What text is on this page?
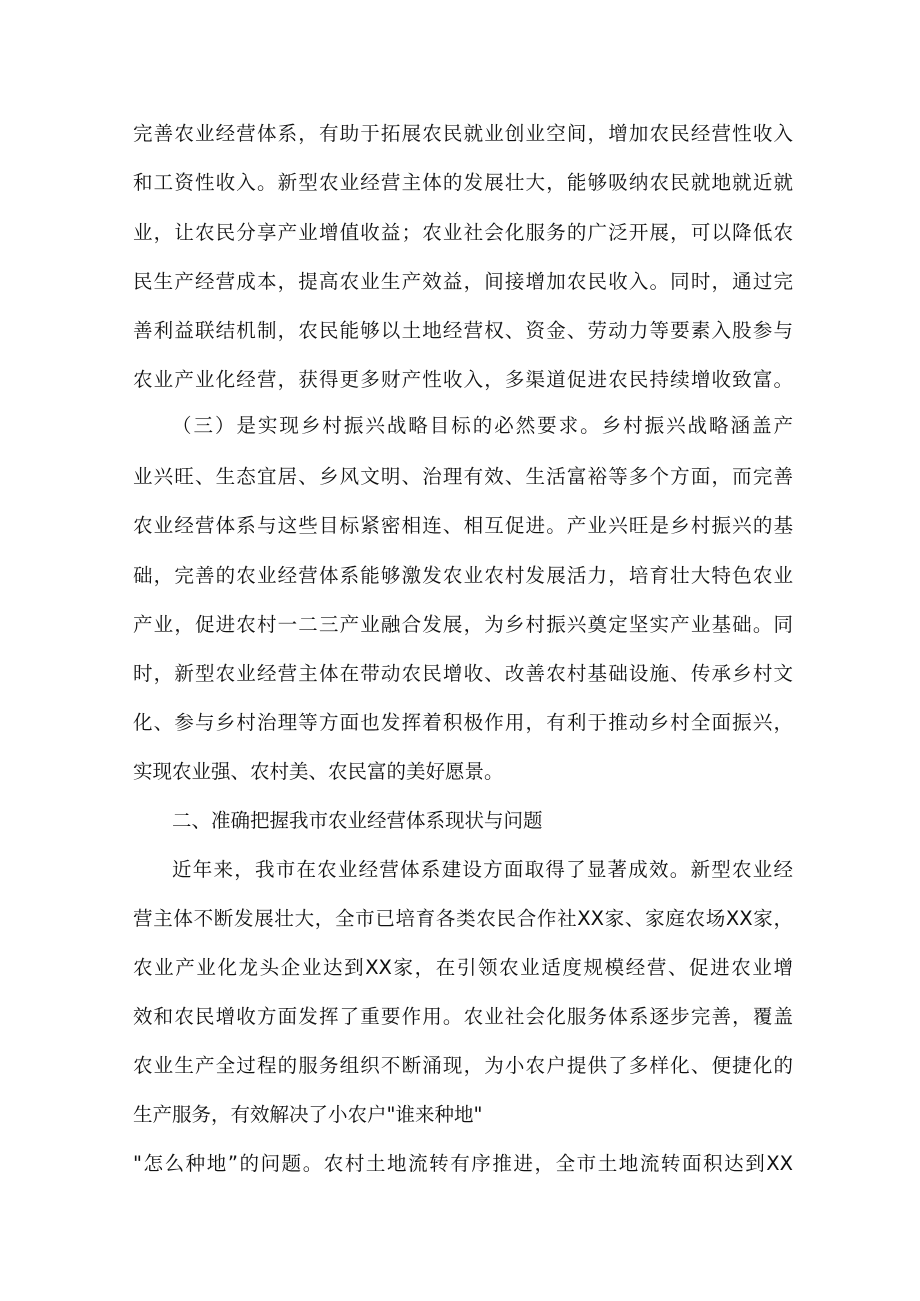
完善农业经营体系，有助于拓展农民就业创业空间，增加农民经营性收入
和工资性收入。新型农业经营主体的发展壮大，能够吸纳农民就地就近就
业，让农民分享产业增值收益；农业社会化服务的广泛开展，可以降低农
民生产经营成本，提高农业生产效益，间接增加农民收入。同时，通过完
善利益联结机制，农民能够以土地经营权、资金、劳动力等要素入股参与
农业产业化经营，获得更多财产性收入，多渠道促进农民持续增收致富。
（三）是实现乡村振兴战略目标的必然要求。乡村振兴战略涵盖产
业兴旺、生态宜居、乡风文明、治理有效、生活富裕等多个方面，而完善
农业经营体系与这些目标紧密相连、相互促进。产业兴旺是乡村振兴的基
础，完善的农业经营体系能够激发农业农村发展活力，培育壮大特色农业
产业，促进农村一二三产业融合发展，为乡村振兴奠定坚实产业基础。同
时，新型农业经营主体在带动农民增收、改善农村基础设施、传承乡村文
化、参与乡村治理等方面也发挥着积极作用，有利于推动乡村全面振兴，
实现农业强、农村美、农民富的美好愿景。
二、准确把握我市农业经营体系现状与问题
近年来，我市在农业经营体系建设方面取得了显著成效。新型农业经
营主体不断发展壮大，全市已培育各类农民合作社XX家、家庭农场XX家，
农业产业化龙头企业达到XX家，在引领农业适度规模经营、促进农业增
效和农民增收方面发挥了重要作用。农业社会化服务体系逐步完善，覆盖
农业生产全过程的服务组织不断涌现，为小农户提供了多样化、便捷化的
生产服务，有效解决了小农户"谁来种地"
"怎么种地”的问题。农村土地流转有序推进，全市土地流转面积达到XX
